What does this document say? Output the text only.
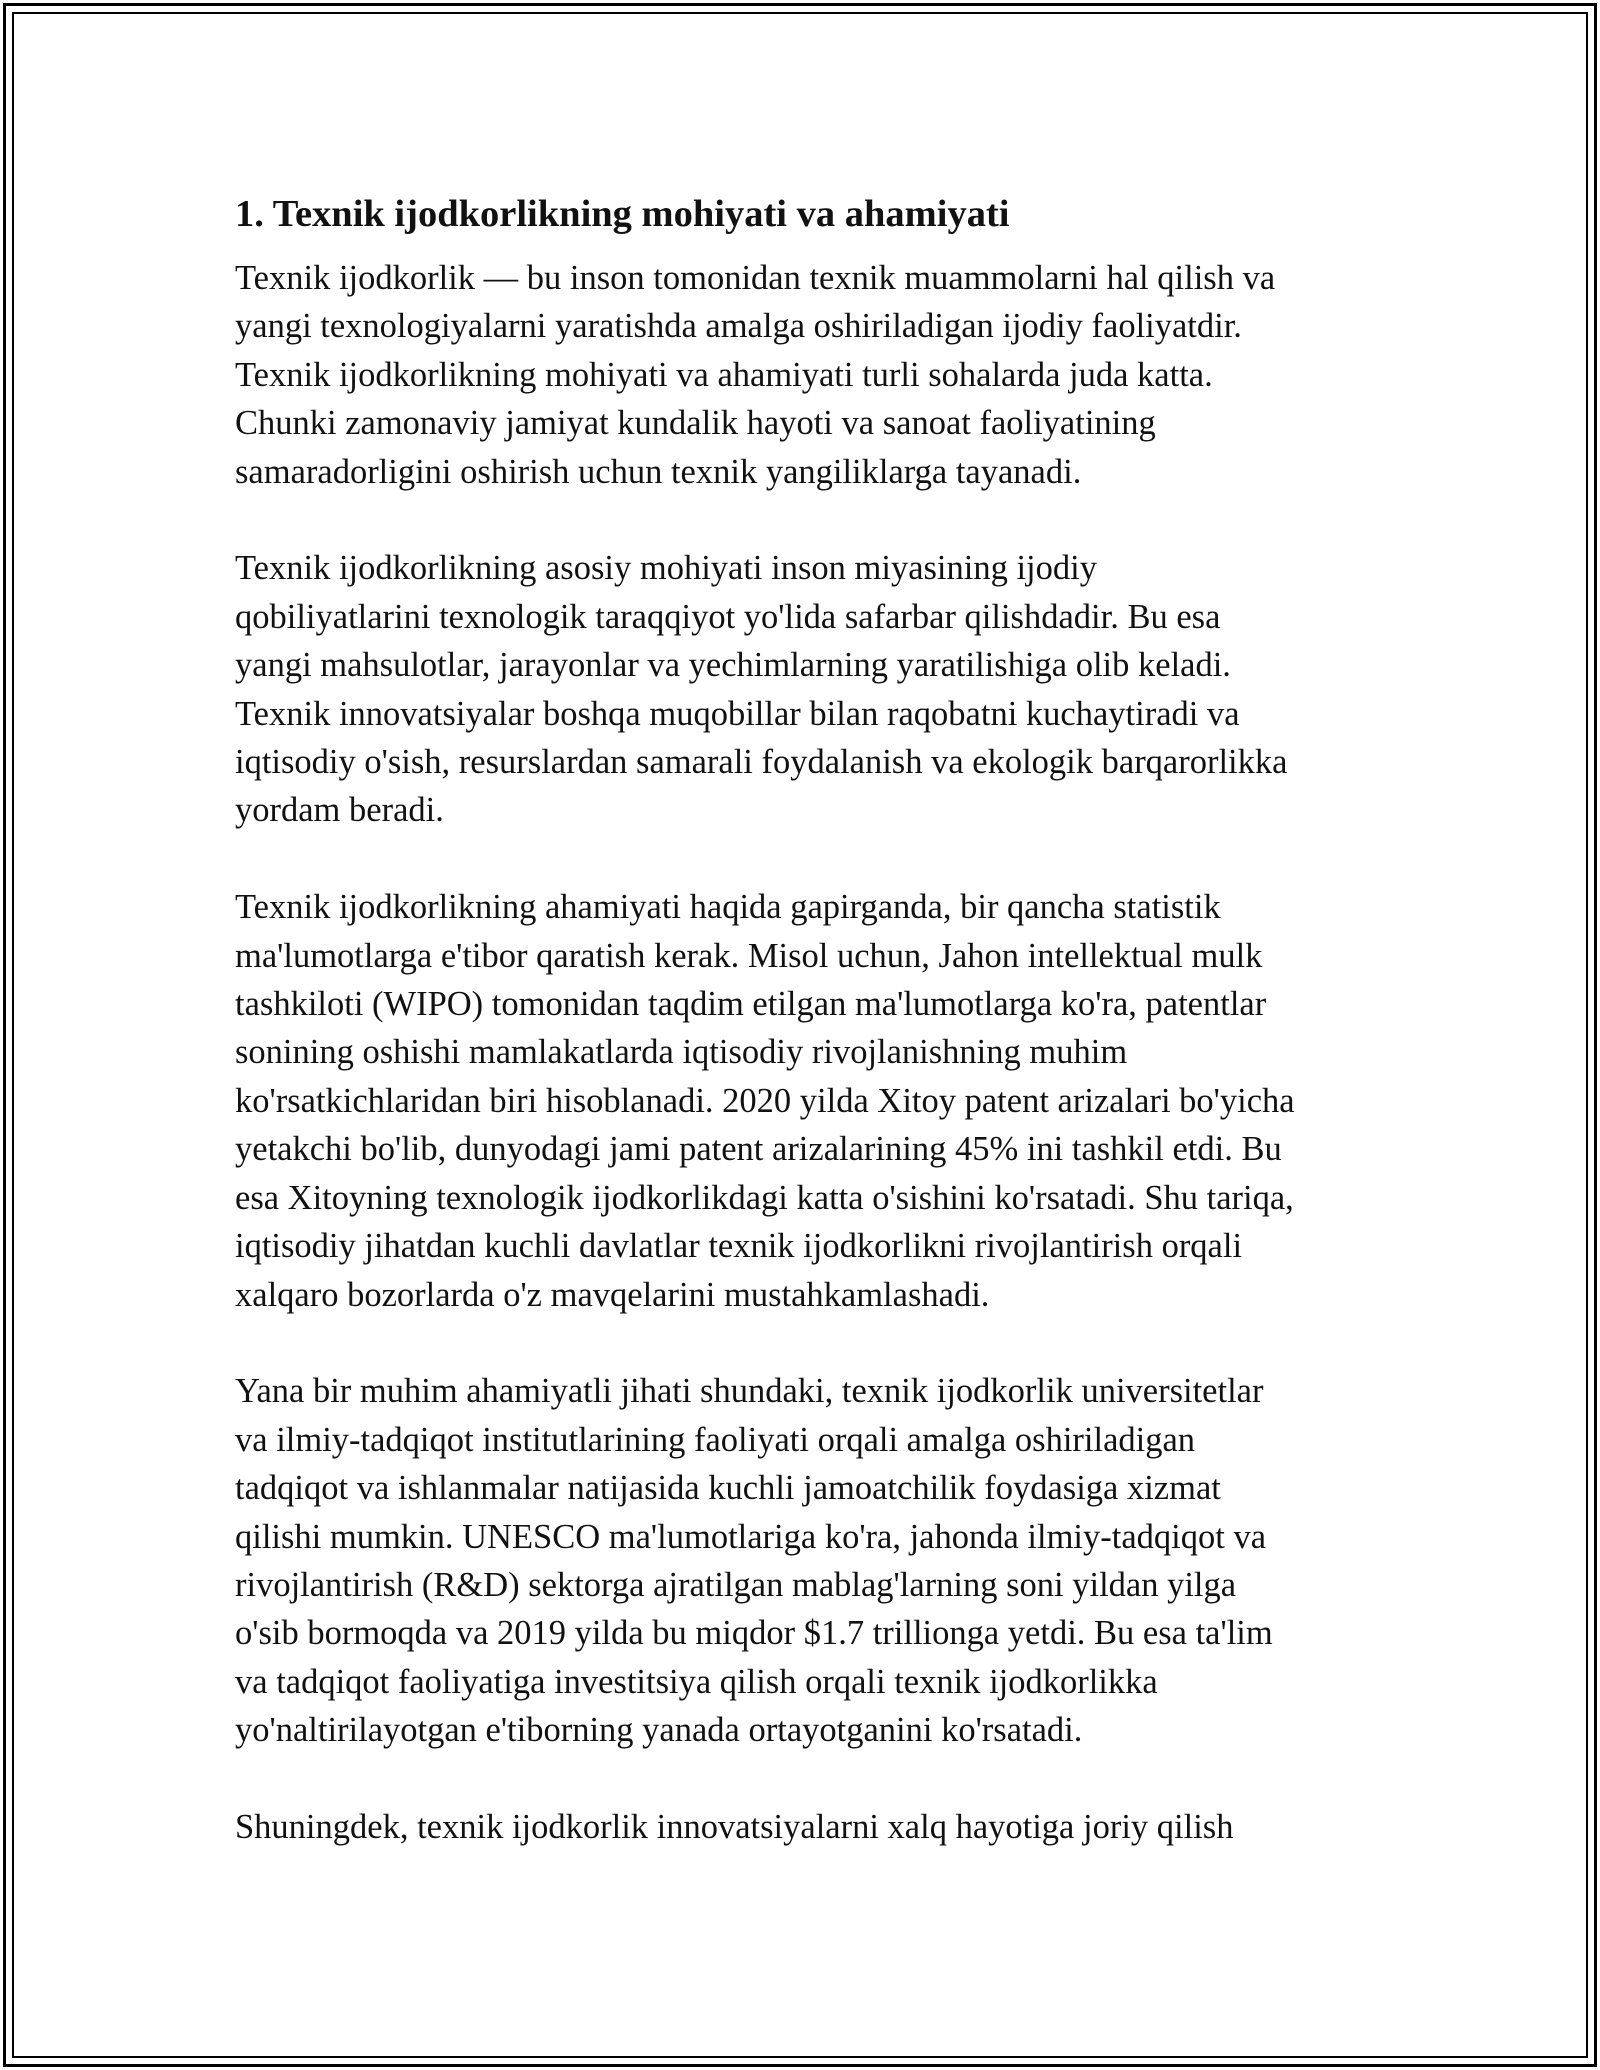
1. Texnik ijodkorlikning mohiyati va ahamiyati
Texnik ijodkorlik — bu inson tomonidan texnik muammolarni hal qilish va
yangi texnologiyalarni yaratishda amalga oshiriladigan ijodiy faoliyatdir.
Texnik ijodkorlikning mohiyati va ahamiyati turli sohalarda juda katta.
Chunki zamonaviy jamiyat kundalik hayoti va sanoat faoliyatining
samaradorligini oshirish uchun texnik yangiliklarga tayanadi.
Texnik ijodkorlikning asosiy mohiyati inson miyasining ijodiy
qobiliyatlarini texnologik taraqqiyot yo'lida safarbar qilishdadir. Bu esa
yangi mahsulotlar, jarayonlar va yechimlarning yaratilishiga olib keladi.
Texnik innovatsiyalar boshqa muqobillar bilan raqobatni kuchaytiradi va
iqtisodiy o'sish, resurslardan samarali foydalanish va ekologik barqarorlikka
yordam beradi.
Texnik ijodkorlikning ahamiyati haqida gapirganda, bir qancha statistik
ma'lumotlarga e'tibor qaratish kerak. Misol uchun, Jahon intellektual mulk
tashkiloti (WIPO) tomonidan taqdim etilgan ma'lumotlarga ko'ra, patentlar
sonining oshishi mamlakatlarda iqtisodiy rivojlanishning muhim
ko'rsatkichlaridan biri hisoblanadi. 2020 yilda Xitoy patent arizalari bo'yicha
yetakchi bo'lib, dunyodagi jami patent arizalarining 45% ini tashkil etdi. Bu
esa Xitoyning texnologik ijodkorlikdagi katta o'sishini ko'rsatadi. Shu tariqa,
iqtisodiy jihatdan kuchli davlatlar texnik ijodkorlikni rivojlantirish orqali
xalqaro bozorlarda o'z mavqelarini mustahkamlashadi.
Yana bir muhim ahamiyatli jihati shundaki, texnik ijodkorlik universitetlar
va ilmiy-tadqiqot institutlarining faoliyati orqali amalga oshiriladigan
tadqiqot va ishlanmalar natijasida kuchli jamoatchilik foydasiga xizmat
qilishi mumkin. UNESCO ma'lumotlariga ko'ra, jahonda ilmiy-tadqiqot va
rivojlantirish (R&D) sektorga ajratilgan mablag'larning soni yildan yilga
o'sib bormoqda va 2019 yilda bu miqdor $1.7 trillionga yetdi. Bu esa ta'lim
va tadqiqot faoliyatiga investitsiya qilish orqali texnik ijodkorlikka
yo'naltirilayotgan e'tiborning yanada ortayotganini ko'rsatadi.
Shuningdek, texnik ijodkorlik innovatsiyalarni xalq hayotiga joriy qilish
